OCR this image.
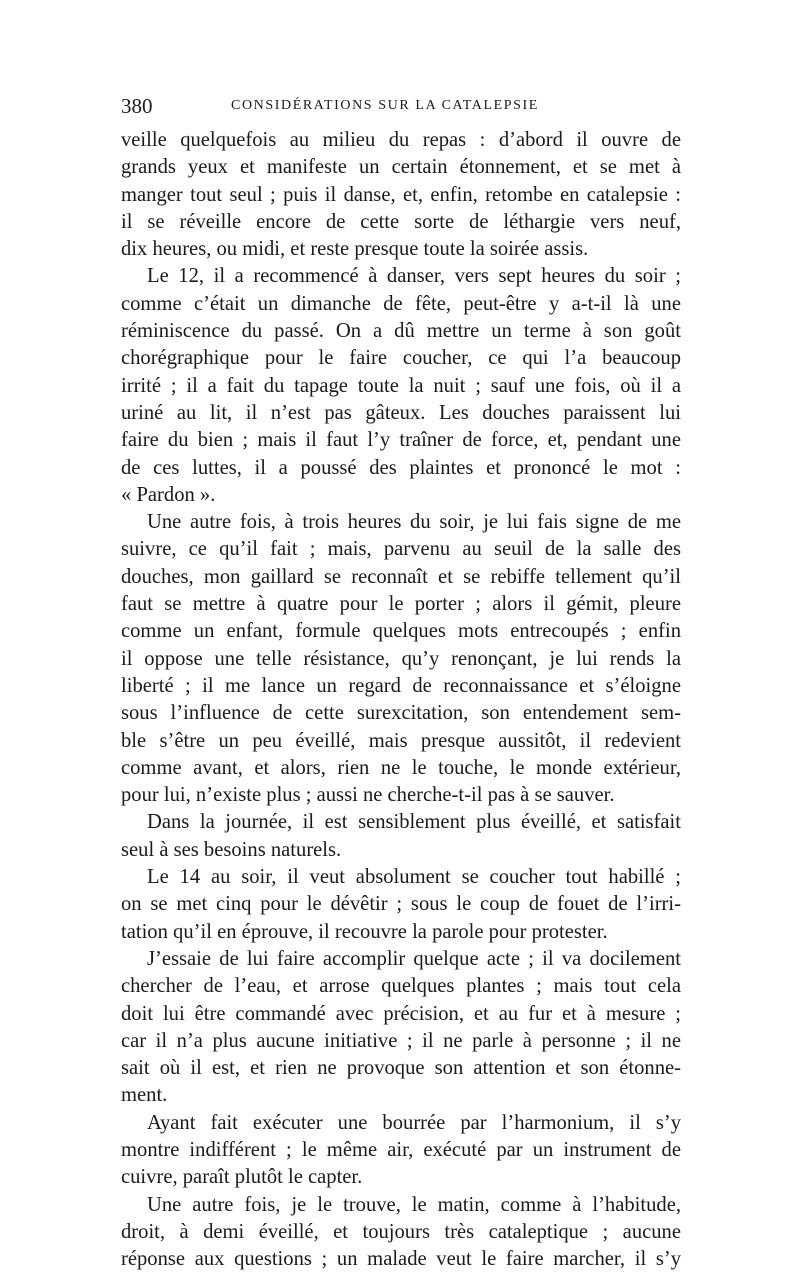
380	CONSIDÉRATIONS SUR LA CATALEPSIE
veille quelquefois au milieu du repas : d’abord il ouvre de
grands yeux et manifeste un certain étonnement, et se met à
manger tout seul ; puis il danse, et, enfin, retombe en catalepsie :
il se réveille encore de cette sorte de léthargie vers neuf,
dix heures, ou midi, et reste presque toute la soirée assis.
Le 12, il a recommencé à danser, vers sept heures du soir ;
comme c’était un dimanche de fête, peut-être y a-t-il là une
réminiscence du passé. On a dû mettre un terme à son goût
chorégraphique pour le faire coucher, ce qui l’a beaucoup
irrité ; il a fait du tapage toute la nuit ; sauf une fois, où il a
uriné au lit, il n’est pas gâteux. Les douches paraissent lui
faire du bien ; mais il faut l’y traîner de force, et, pendant une
de ces luttes, il a poussé des plaintes et prononcé le mot :
« Pardon ».
Une autre fois, à trois heures du soir, je lui fais signe de me
suivre, ce qu’il fait ; mais, parvenu au seuil de la salle des
douches, mon gaillard se reconnaît et se rebiffe tellement qu’il
faut se mettre à quatre pour le porter ; alors il gémit, pleure
comme un enfant, formule quelques mots entrecoupés ; enfin
il oppose une telle résistance, qu’y renonçant, je lui rends la
liberté ; il me lance un regard de reconnaissance et s’éloigne
sous l’influence de cette surexcitation, son entendement sem-
ble s’être un peu éveillé, mais presque aussitôt, il redevient
comme avant, et alors, rien ne le touche, le monde extérieur,
pour lui, n’existe plus ; aussi ne cherche-t-il pas à se sauver.
Dans la journée, il est sensiblement plus éveillé, et satisfait
seul à ses besoins naturels.
Le 14 au soir, il veut absolument se coucher tout habillé ;
on se met cinq pour le dévêtir ; sous le coup de fouet de l’irri-
tation qu’il en éprouve, il recouvre la parole pour protester.
J’essaie de lui faire accomplir quelque acte ; il va docilement
chercher de l’eau, et arrose quelques plantes ; mais tout cela
doit lui être commandé avec précision, et au fur et à mesure ;
car il n’a plus aucune initiative ; il ne parle à personne ; il ne
sait où il est, et rien ne provoque son attention et son étonne-
ment.
Ayant fait exécuter une bourrée par l’harmonium, il s’y
montre indifférent ; le même air, exécuté par un instrument de
cuivre, paraît plutôt le capter.
Une autre fois, je le trouve, le matin, comme à l’habitude,
droit, à demi éveillé, et toujours très cataleptique ; aucune
réponse aux questions ; un malade veut le faire marcher, il s’y
